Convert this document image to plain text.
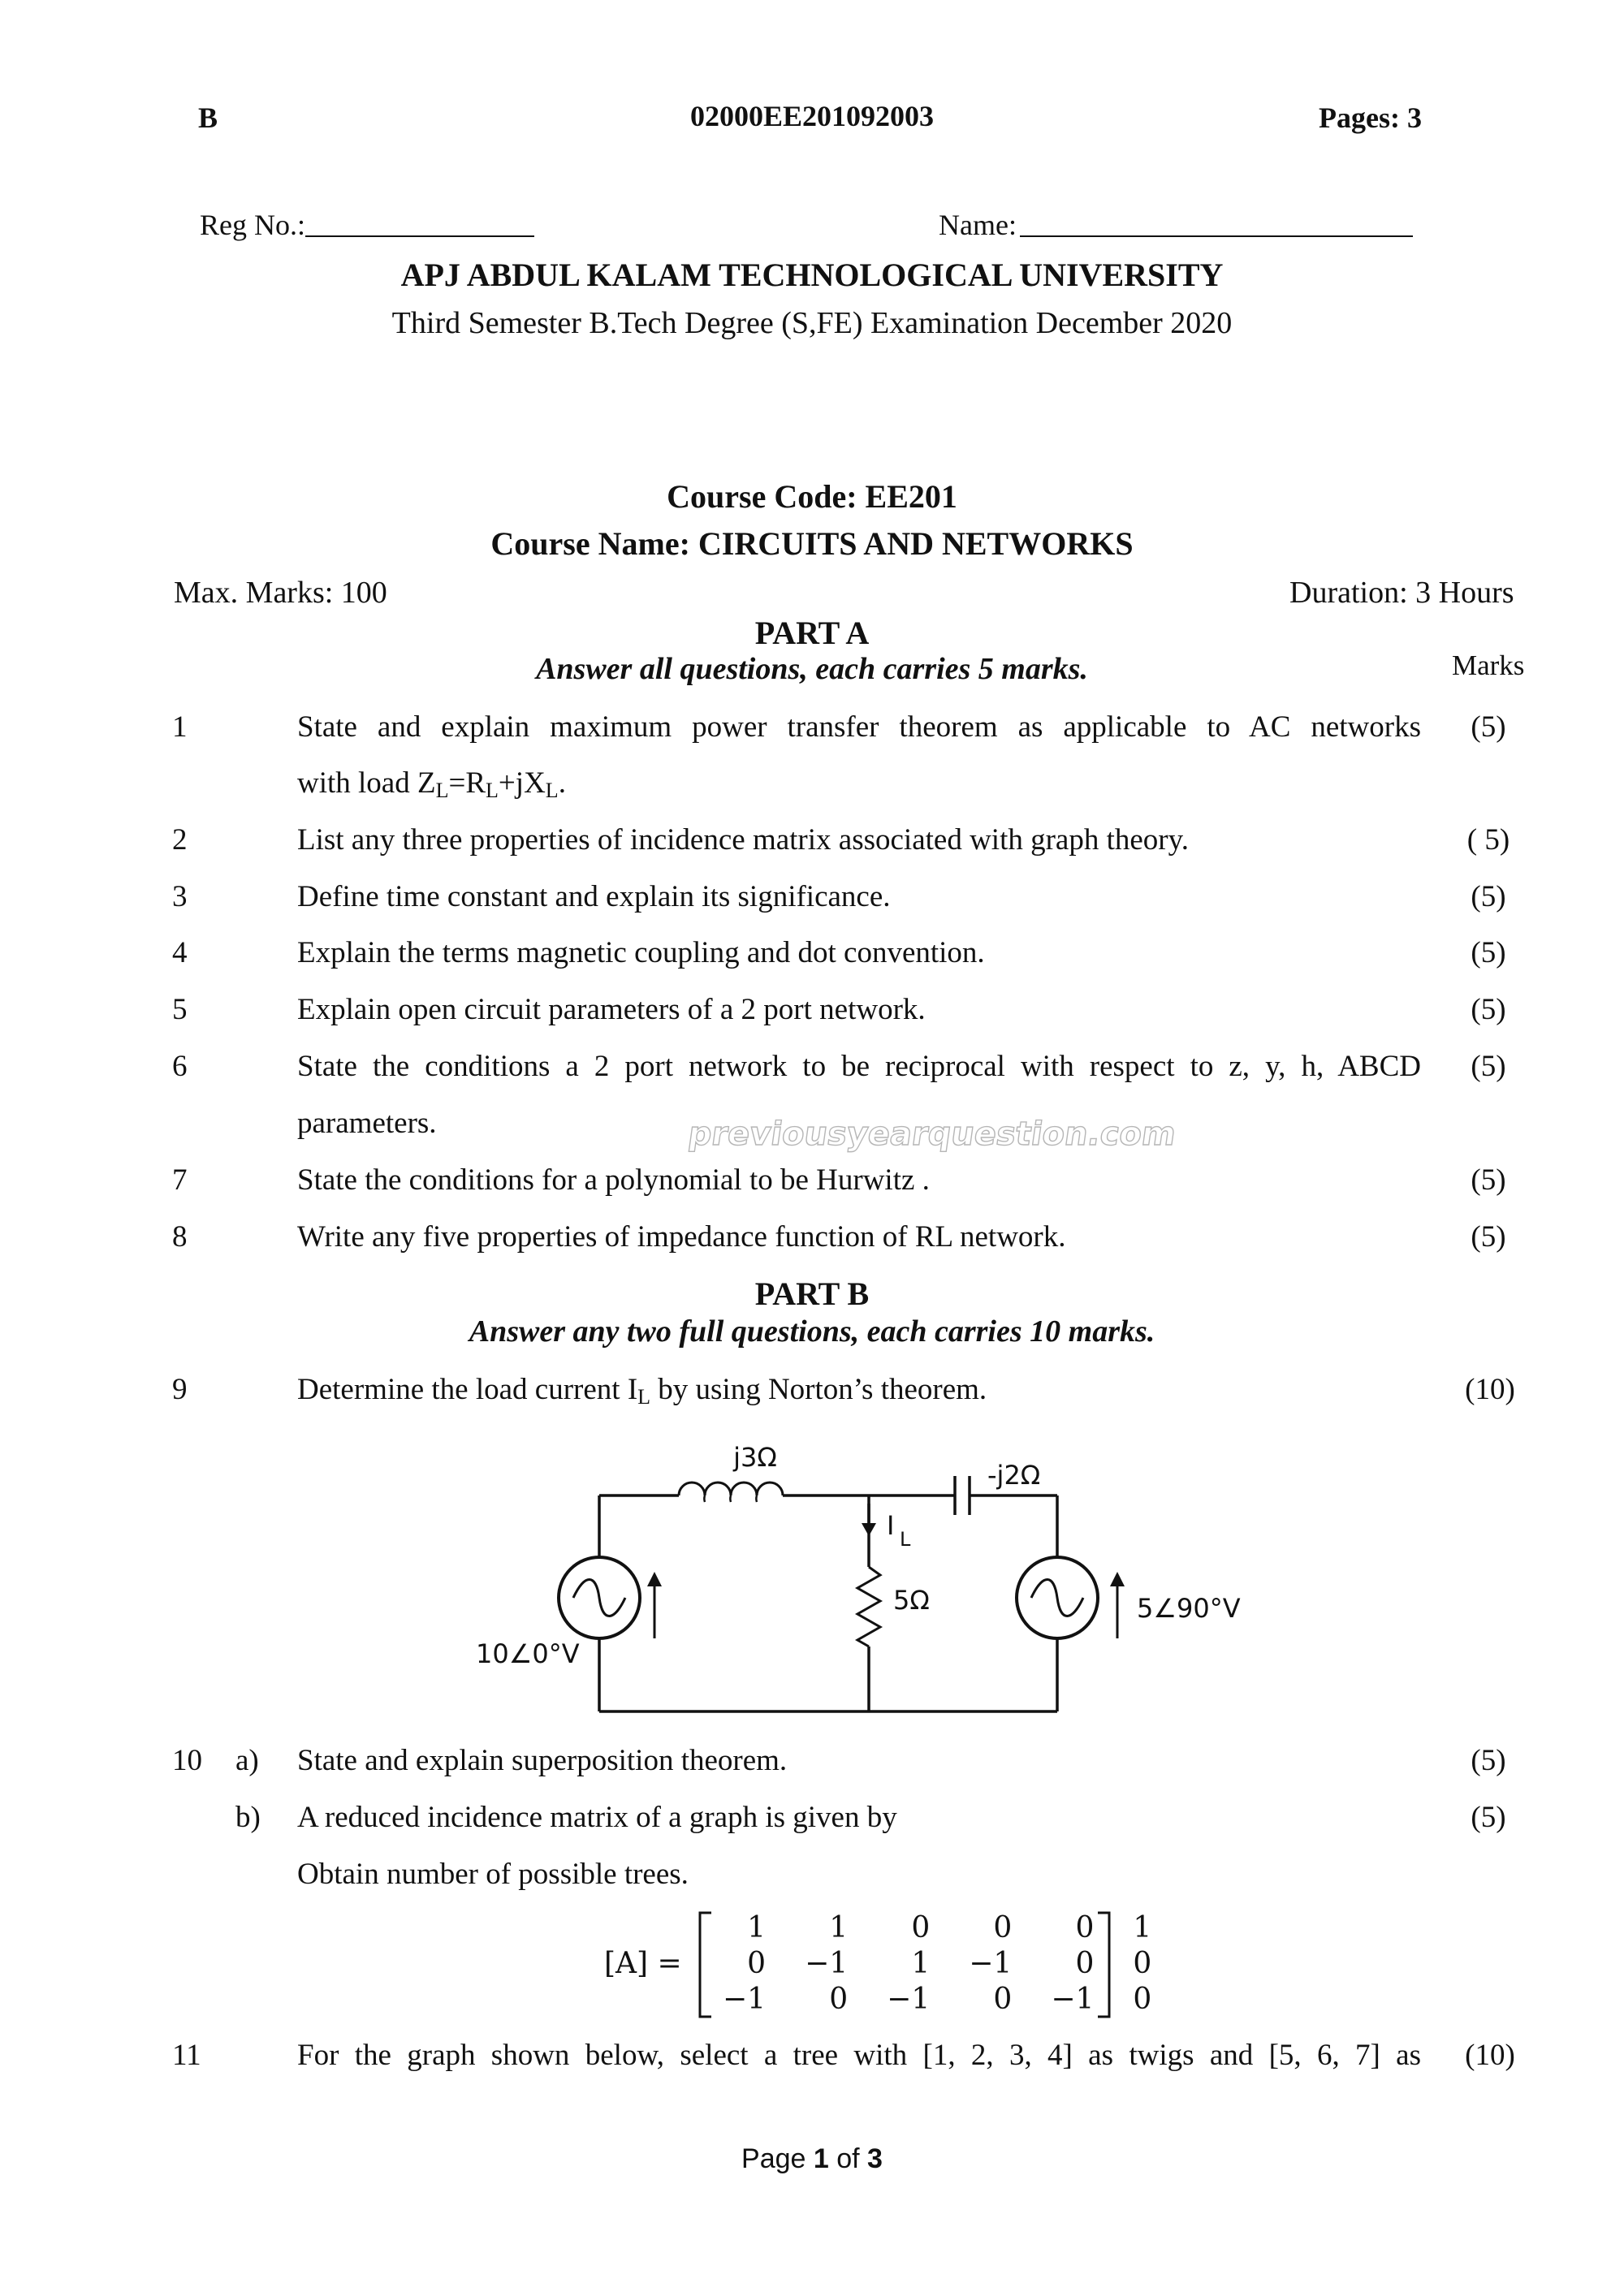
B	02000EE201092003	Pages: 3
Reg No.:	Name:
APJ ABDUL KALAM TECHNOLOGICAL UNIVERSITY
Third Semester B.Tech Degree (S,FE) Examination December 2020
Course Code: EE201
Course Name: CIRCUITS AND NETWORKS
Max. Marks: 100	Duration: 3 Hours
PART A
Answer all questions, each carries 5 marks.	Marks
1	State and explain maximum power transfer theorem as applicable to AC networks	(5)
with load $Z_L=R_L+jX_L$.
2	List any three properties of incidence matrix associated with graph theory.	( 5)
3	Define time constant and explain its significance.	(5)
4	Explain the terms magnetic coupling and dot convention.	(5)
5	Explain open circuit parameters of a 2 port network.	(5)
6	State the conditions a 2 port network to be reciprocal with respect to z, y, h, ABCD	(5)
parameters.	previousyearquestion.com
7	State the conditions for a polynomial to be Hurwitz .	(5)
8	Write any five properties of impedance function of RL network.	(5)
PART B
Answer any two full questions, each carries 10 marks.
9	Determine the load current $I_L$ by using Norton’s theorem.	(10)
j3Ω
-j2Ω
I L
5Ω
10∠0°V
5∠90°V
10 a) State and explain superposition theorem.	(5)
b) A reduced incidence matrix of a graph is given by	(5)
Obtain number of possible trees.
[A] =
1	1	0	0	0	1
0	−1	1	−1	0	0
−1	0	−1	0	−1	0
11	For the graph shown below, select a tree with [1, 2, 3, 4] as twigs and [5, 6, 7] as	(10)
Page 1 of 3
